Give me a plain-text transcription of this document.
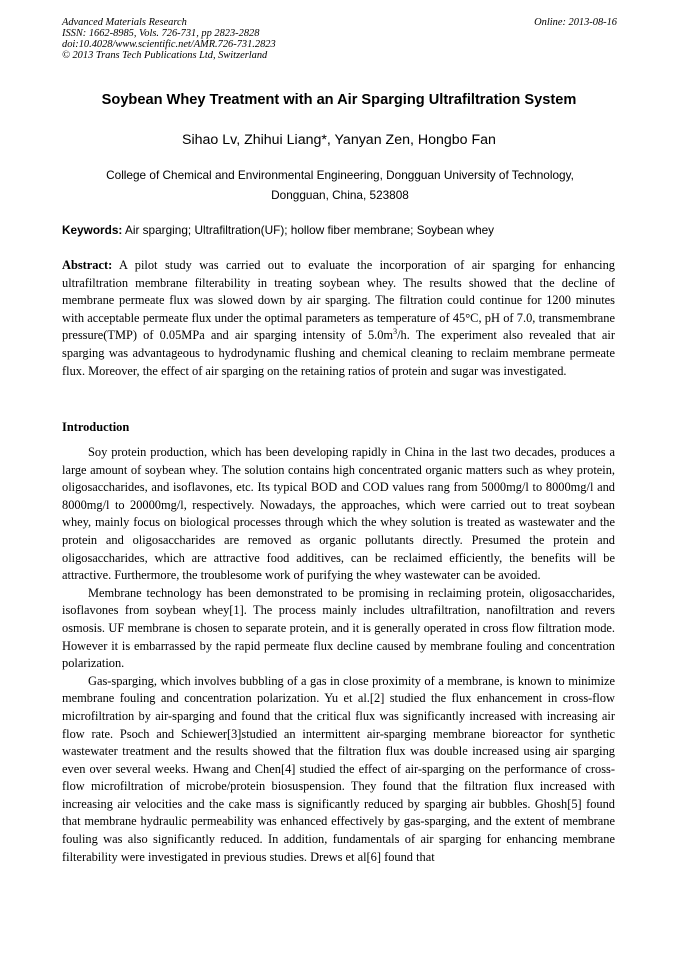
Advanced Materials Research
ISSN: 1662-8985, Vols. 726-731, pp 2823-2828
doi:10.4028/www.scientific.net/AMR.726-731.2823
© 2013 Trans Tech Publications Ltd, Switzerland
Online: 2013-08-16
Soybean Whey Treatment with an Air Sparging Ultrafiltration System
Sihao Lv, Zhihui Liang*, Yanyan Zen, Hongbo Fan
College of Chemical and Environmental Engineering, Dongguan University of Technology,
Dongguan, China, 523808
Keywords: Air sparging; Ultrafiltration(UF); hollow fiber membrane; Soybean whey
Abstract: A pilot study was carried out to evaluate the incorporation of air sparging for enhancing ultrafiltration membrane filterability in treating soybean whey. The results showed that the decline of membrane permeate flux was slowed down by air sparging. The filtration could continue for 1200 minutes with acceptable permeate flux under the optimal parameters as temperature of 45°C, pH of 7.0, transmembrane pressure(TMP) of 0.05MPa and air sparging intensity of $5.0m^3/h$. The experiment also revealed that air sparging was advantageous to hydrodynamic flushing and chemical cleaning to reclaim membrane permeate flux. Moreover, the effect of air sparging on the retaining ratios of protein and sugar was investigated.
Introduction

Soy protein production, which has been developing rapidly in China in the last two decades, produces a large amount of soybean whey. The solution contains high concentrated organic matters such as whey protein, oligosaccharides, and isoflavones, etc. Its typical BOD and COD values rang from 5000mg/l to 8000mg/l and 8000mg/l to 20000mg/l, respectively. Nowadays, the approaches, which were carried out to treat soybean whey, mainly focus on biological processes through which the whey solution is treated as wastewater and the protein and oligosaccharides are removed as organic pollutants directly. Presumed the protein and oligosaccharides, which are attractive food additives, can be reclaimed efficiently, the benefits will be attractive. Furthermore, the troublesome work of purifying the whey wastewater can be avoided.

Membrane technology has been demonstrated to be promising in reclaiming protein, oligosaccharides, isoflavones from soybean whey[1]. The process mainly includes ultrafiltration, nanofiltration and revers osmosis. UF membrane is chosen to separate protein, and it is generally operated in cross flow filtration mode. However it is embarrassed by the rapid permeate flux decline caused by membrane fouling and concentration polarization.

Gas-sparging, which involves bubbling of a gas in close proximity of a membrane, is known to minimize membrane fouling and concentration polarization. Yu et al.[2] studied the flux enhancement in cross-flow microfiltration by air-sparging and found that the critical flux was significantly increased with increasing air flow rate. Psoch and Schiewer[3]studied an intermittent air-sparging membrane bioreactor for synthetic wastewater treatment and the results showed that the filtration flux was double increased using air sparging even over several weeks. Hwang and Chen[4] studied the effect of air-sparging on the performance of cross-flow microfiltration of microbe/protein biosuspension. They found that the filtration flux increased with increasing air velocities and the cake mass is significantly reduced by sparging air bubbles. Ghosh[5] found that membrane hydraulic permeability was enhanced effectively by gas-sparging, and the extent of membrane fouling was also significantly reduced. In addition, fundamentals of air sparging for enhancing membrane filterability were investigated in previous studies. Drews et al[6] found that
